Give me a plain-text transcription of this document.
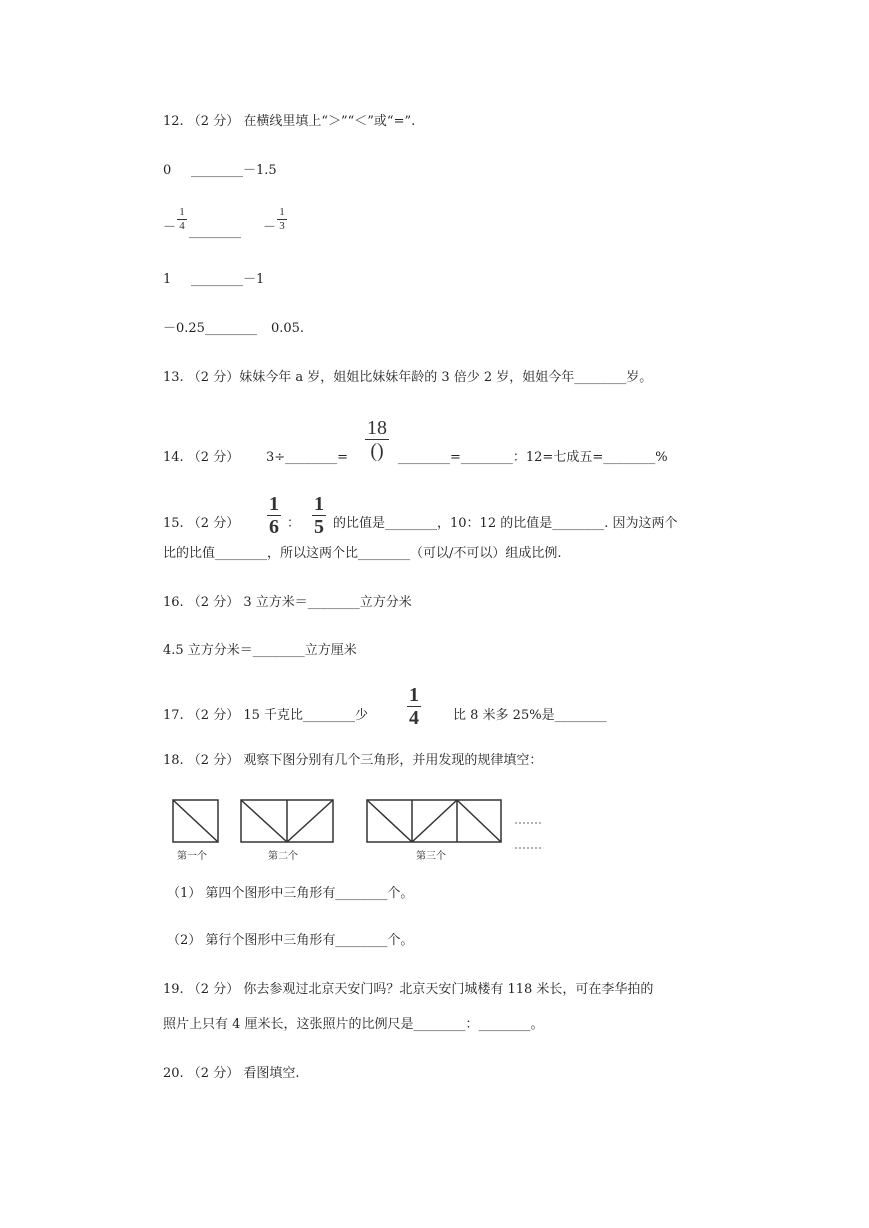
12. （2 分） 在横线里填上“＞”“＜”或“=”.
0 ________－1.5
－
1
4 ________ －
1
3
1 ________－1
－0.25________ 0.05.
13. （2 分）妹妹今年 a 岁，姐姐比妹妹年龄的 3 倍少 2 岁，姐姐今年________岁。
14. （2 分） 3÷________=
18
()	________=________：12=七成五=________%
15. （2 分）
1
6 ：
1
5 的比值是________，10：12 的比值是________. 因为这两个
比的比值________，所以这两个比________（可以/不可以）组成比例.
16. （2 分） 3 立方米＝________立方分米
4.5 立方分米＝________立方厘米
17. （2 分） 15 千克比________少
1
4	比 8 米多 25%是________
18. （2 分） 观察下图分别有几个三角形，并用发现的规律填空：
第一个	第二个	第三个
（1） 第四个图形中三角形有________个。
（2） 第行个图形中三角形有________个。
19. （2 分） 你去参观过北京天安门吗？北京天安门城楼有 118 米长，可在李华拍的
照片上只有 4 厘米长，这张照片的比例尺是________：________。
20. （2 分） 看图填空.
